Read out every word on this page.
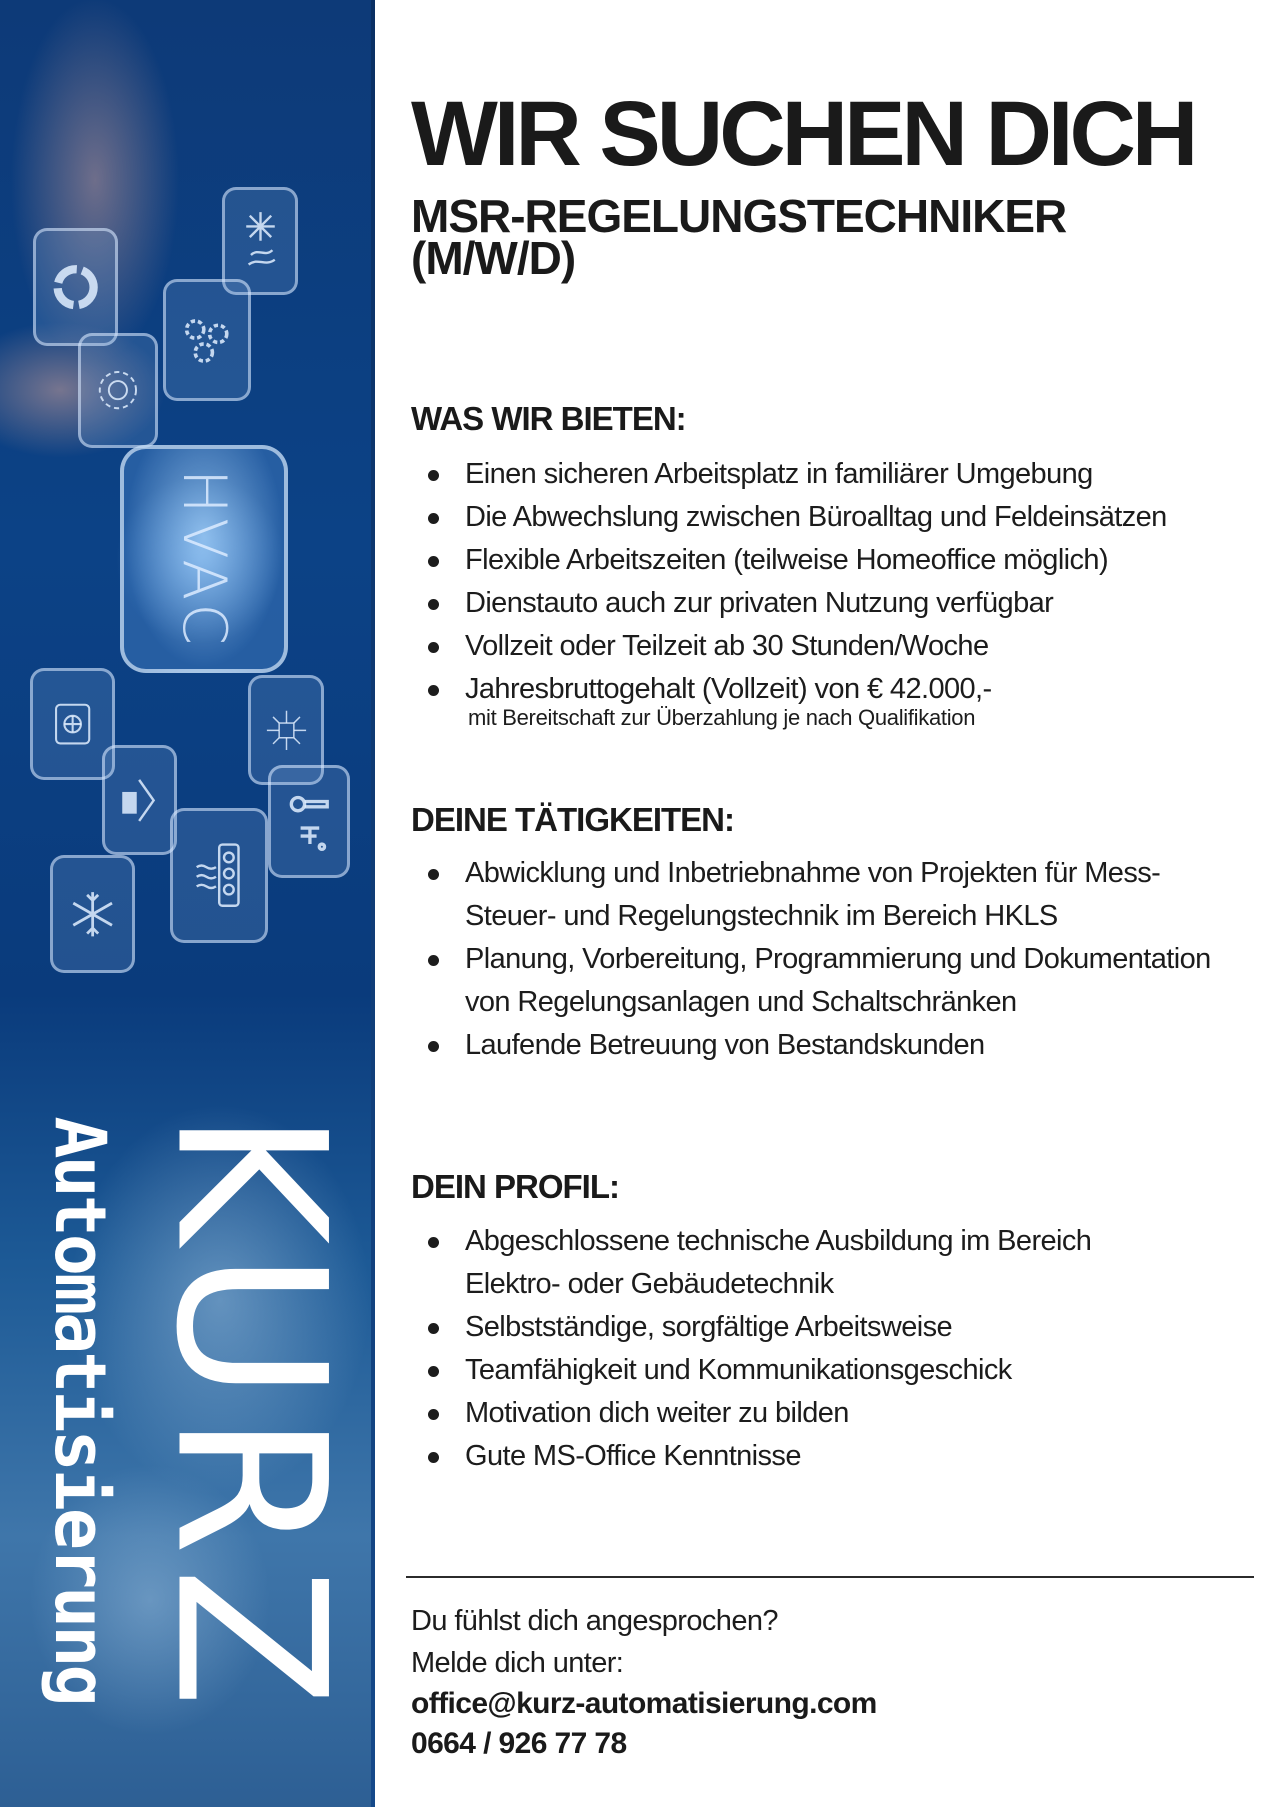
HVAC
KURZ
Automatisierung
WIR SUCHEN DICH
MSR-REGELUNGSTECHNIKER (M/W/D)
WAS WIR BIETEN:
Einen sicheren Arbeitsplatz in familiärer Umgebung
Die Abwechslung zwischen Büroalltag und Feldeinsätzen
Flexible Arbeitszeiten (teilweise Homeoffice möglich)
Dienstauto auch zur privaten Nutzung verfügbar
Vollzeit oder Teilzeit ab 30 Stunden/Woche
Jahresbruttogehalt (Vollzeit) von € 42.000,-
mit Bereitschaft zur Überzahlung je nach Qualifikation
DEINE TÄTIGKEITEN:
Abwicklung und Inbetriebnahme von Projekten für Mess- Steuer- und Regelungstechnik im Bereich HKLS
Planung, Vorbereitung, Programmierung und Dokumentation von Regelungsanlagen und Schaltschränken
Laufende Betreuung von Bestandskunden
DEIN PROFIL:
Abgeschlossene technische Ausbildung im Bereich Elektro- oder Gebäudetechnik
Selbstständige, sorgfältige Arbeitsweise
Teamfähigkeit und Kommunikationsgeschick
Motivation dich weiter zu bilden
Gute MS-Office Kenntnisse
Du fühlst dich angesprochen?
Melde dich unter:
office@kurz-automatisierung.com
0664 / 926 77 78
